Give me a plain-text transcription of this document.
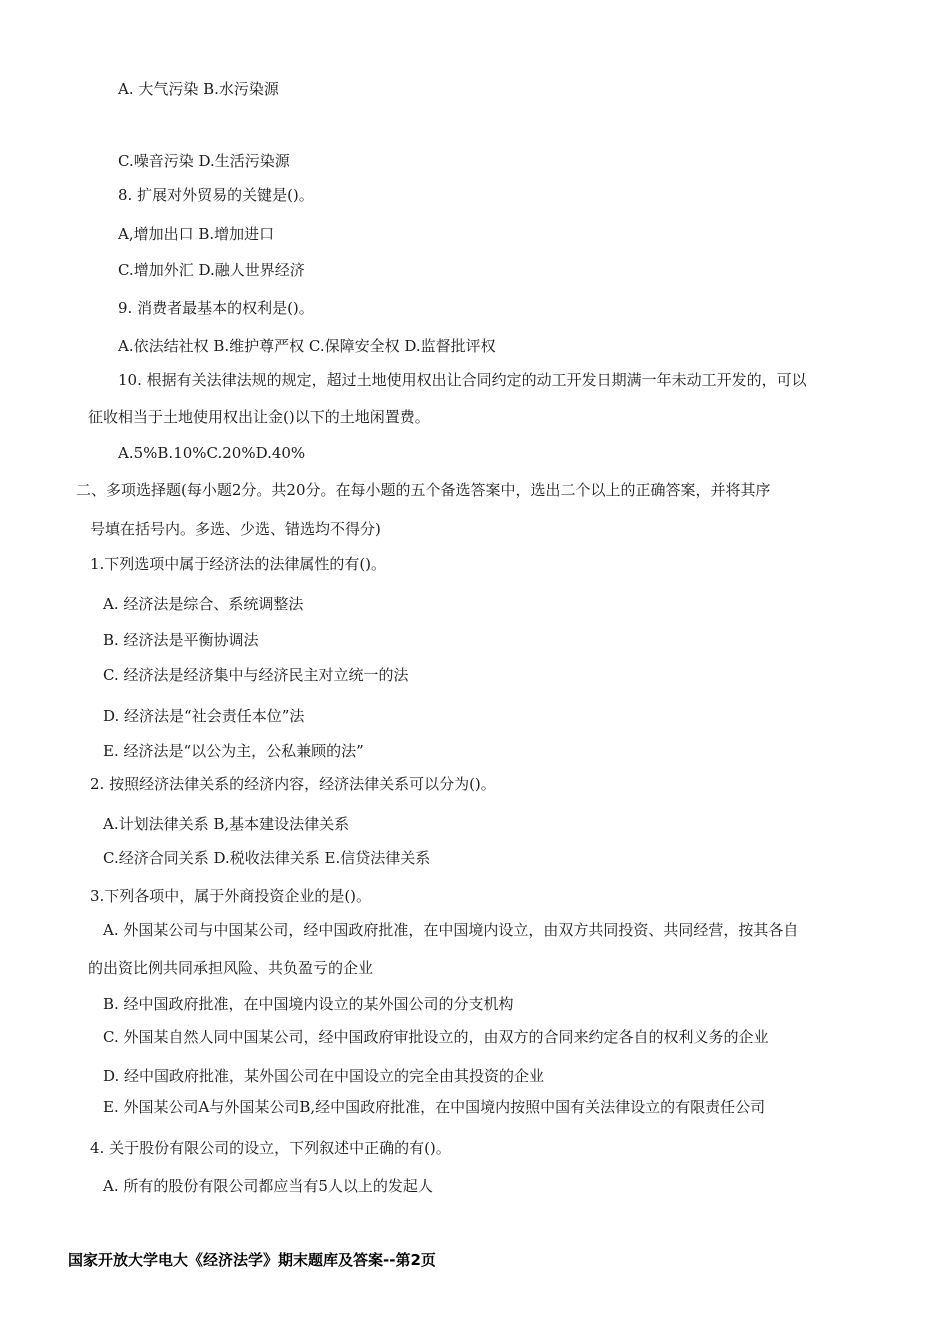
A. 大气污染 B.水污染源
C.噪音污染 D.生活污染源
8. 扩展对外贸易的关键是()。
A,增加出口 B.增加进口
C.增加外汇 D.融人世界经济
9. 消费者最基本的权利是()。
A.依法结社权 B.维护尊严权 C.保障安全权 D.监督批评权
10. 根据有关法律法规的规定，超过土地使用权出让合同约定的动工开发日期满一年未动工开发的，可以
征收相当于土地使用权出让金()以下的土地闲置费。
A.5%B.10%C.20%D.40%
二、多项选择题(每小题2分。共20分。在每小题的五个备选答案中，选出二个以上的正确答案，并将其序
号填在括号内。多选、少选、错选均不得分)
1.下列选项中属于经济法的法律属性的有()。
A. 经济法是综合、系统调整法
B. 经济法是平衡协调法
C. 经济法是经济集中与经济民主对立统一的法
D. 经济法是“社会责任本位”法
E. 经济法是“以公为主，公私兼顾的法”
2. 按照经济法律关系的经济内容，经济法律关系可以分为()。
A.计划法律关系 B,基本建设法律关系
C.经济合同关系 D.税收法律关系 E.信贷法律关系
3.下列各项中，属于外商投资企业的是()。
A. 外国某公司与中国某公司，经中国政府批准，在中国境内设立，由双方共同投资、共同经营，按其各自
的出资比例共同承担风险、共负盈亏的企业
B. 经中国政府批准，在中国境内设立的某外国公司的分支机构
C. 外国某自然人同中国某公司，经中国政府审批设立的，由双方的合同来约定各自的权利义务的企业
D. 经中国政府批准，某外国公司在中国设立的完全由其投资的企业
E. 外国某公司A与外国某公司B,经中国政府批准，在中国境内按照中国有关法律设立的有限责任公司
4. 关于股份有限公司的设立，下列叙述中正确的有()。
A. 所有的股份有限公司都应当有5人以上的发起人
国家开放大学电大《经济法学》期末题库及答案--第2页
